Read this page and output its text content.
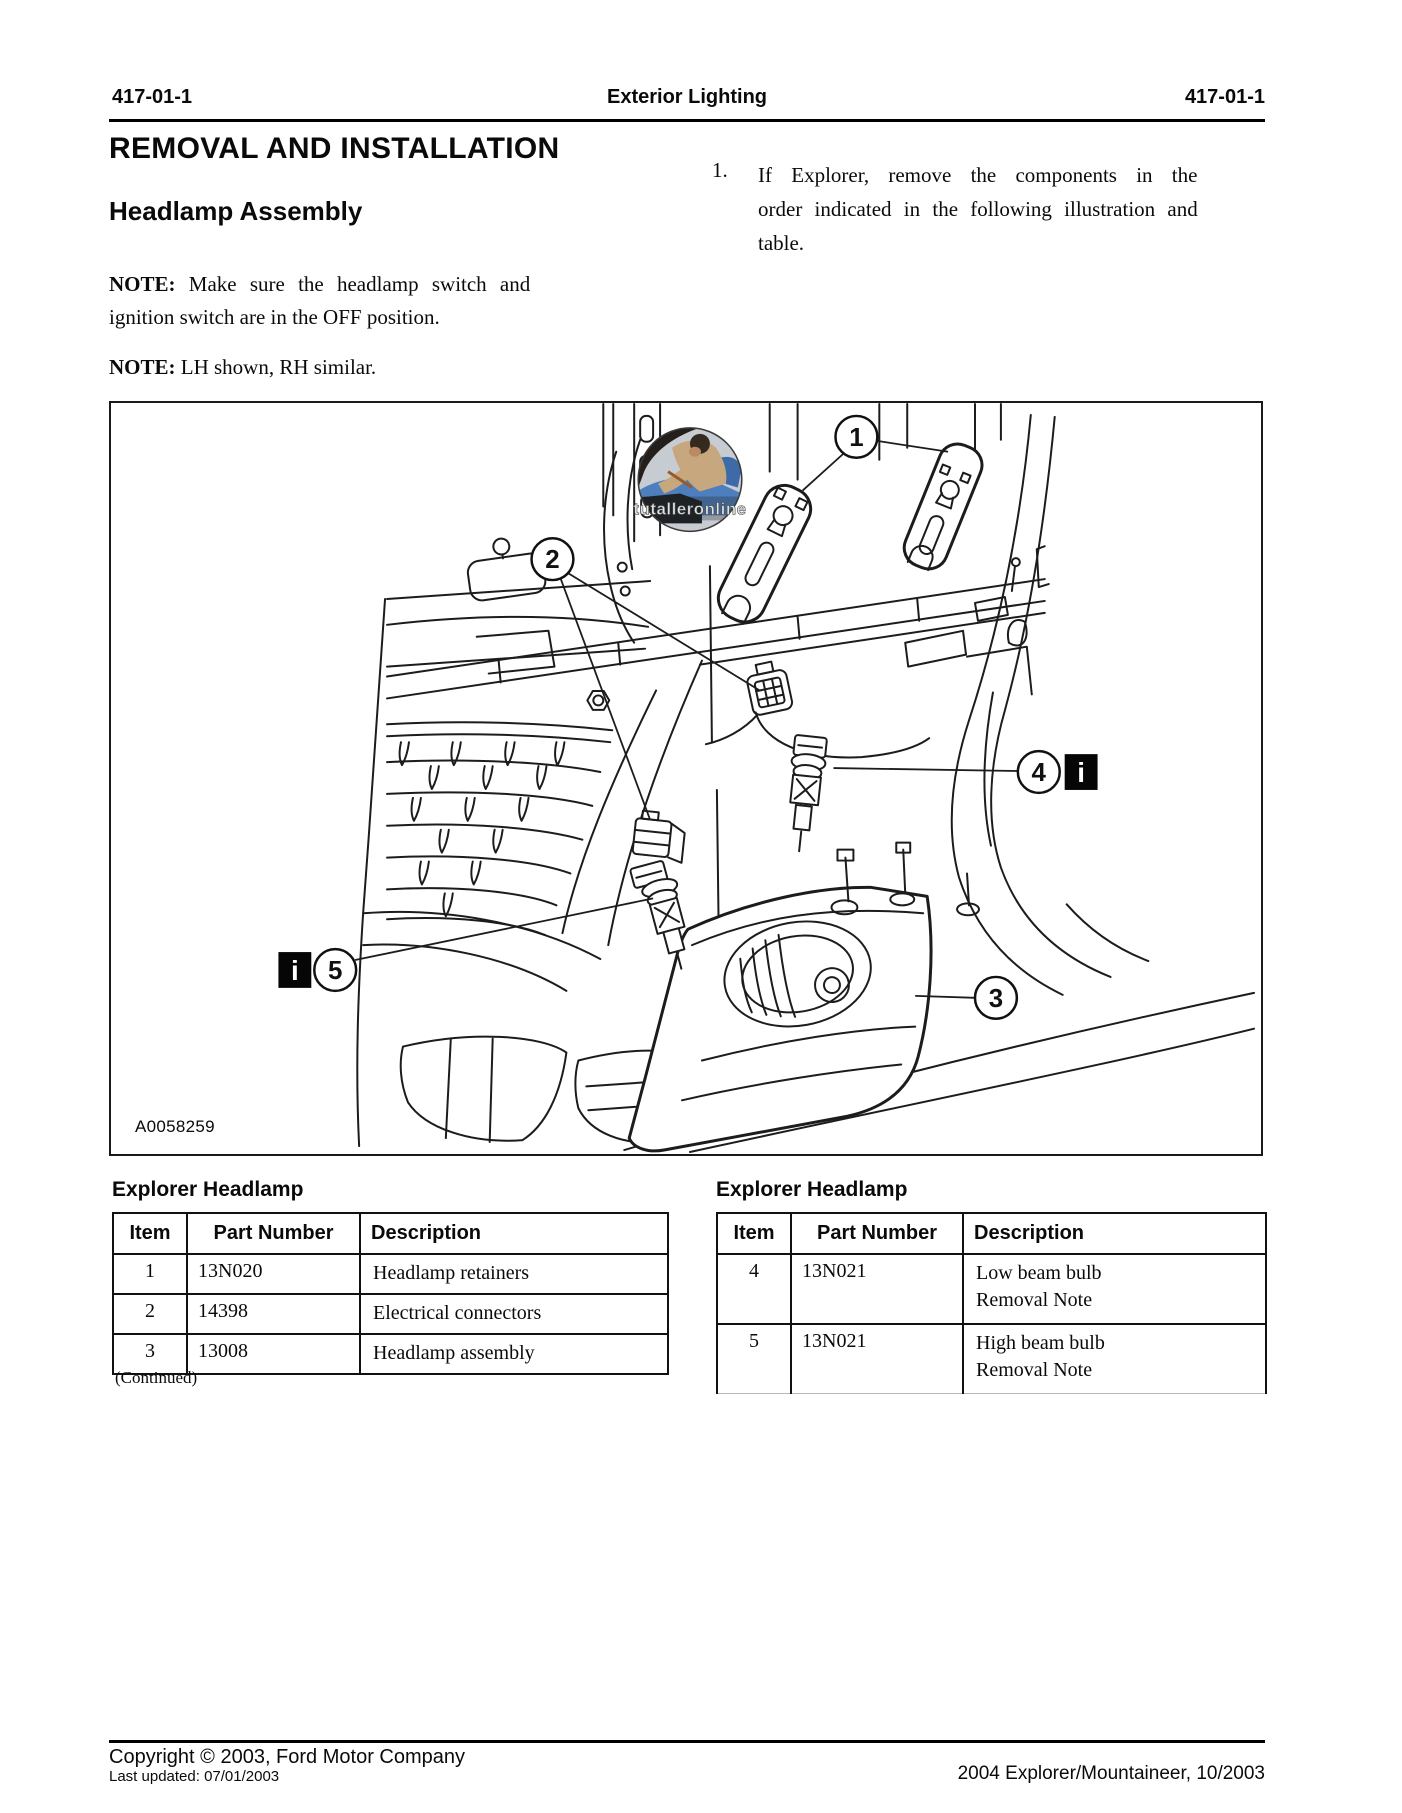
417-01-1	Exterior Lighting	417-01-1
REMOVAL AND INSTALLATION
Headlamp Assembly
NOTE: Make sure the headlamp switch and
ignition switch are in the OFF position.
NOTE: LH shown, RH similar.
1. If Explorer, remove the components in the
order indicated in the following illustration and
table.
tutalleronline
1
2
3
4 i
i 5
A0058259
Explorer Headlamp
Item	Part Number	Description
1	13N020	Headlamp retainers
2	14398	Electrical connectors
3	13008	Headlamp assembly
(Continued)
Explorer Headlamp
Item	Part Number	Description
4	13N021	Low beam bulb
Removal Note

5	13N021	High beam bulb
Removal Note
Copyright © 2003, Ford Motor Company
Last updated: 07/01/2003	2004 Explorer/Mountaineer, 10/2003
